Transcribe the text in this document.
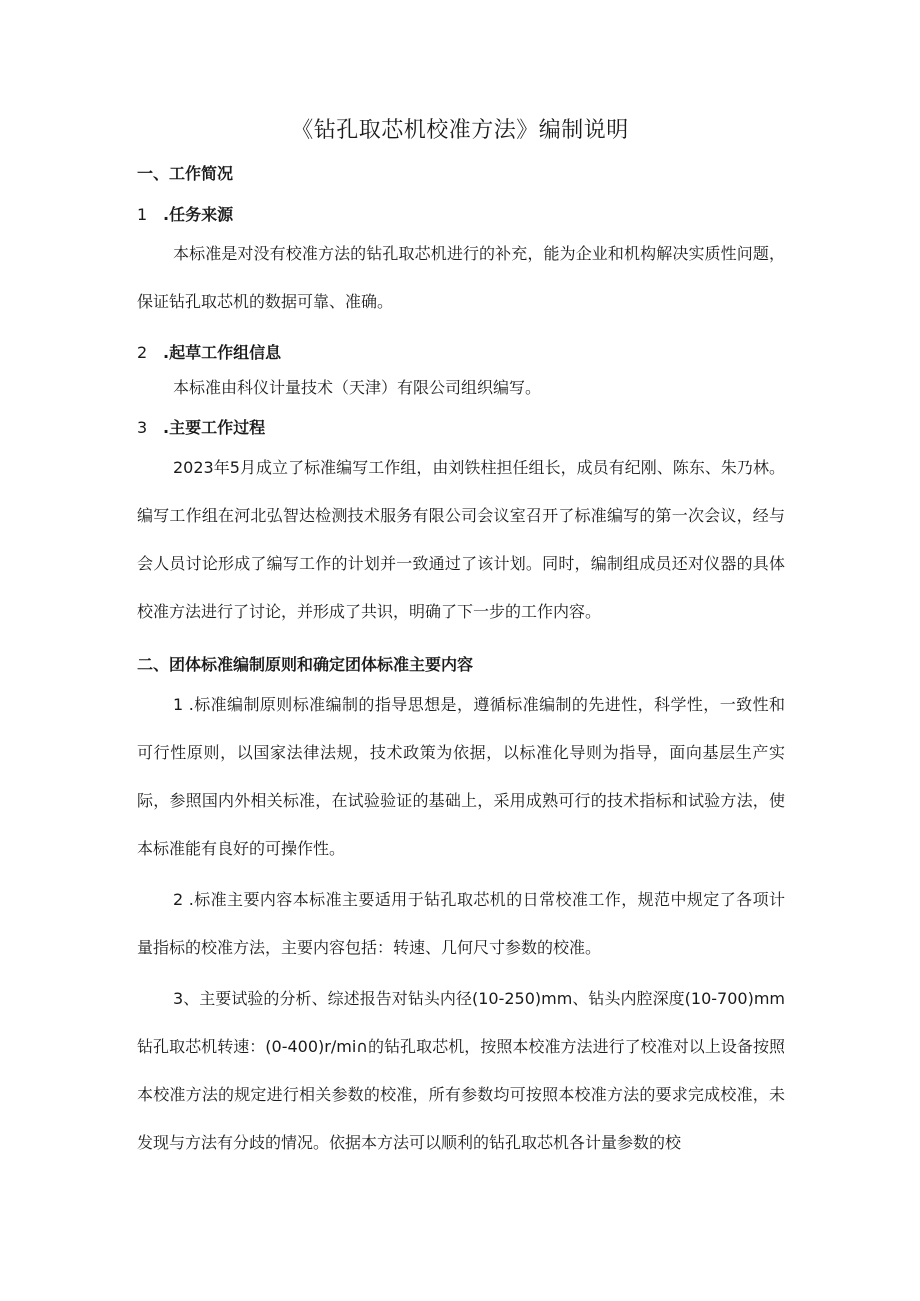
《钻孔取芯机校准方法》编制说明
一、工作简况
1 .任务来源
本标准是对没有校准方法的钻孔取芯机进行的补充，能为企业和机构解决实质性问题，保证钻孔取芯机的数据可靠、准确。
2 .起草工作组信息
本标准由科仪计量技术（天津）有限公司组织编写。
3 .主要工作过程
2023年5月成立了标准编写工作组，由刘铁柱担任组长，成员有纪刚、陈东、朱乃林。编写工作组在河北弘智达检测技术服务有限公司会议室召开了标准编写的第一次会议，经与会人员讨论形成了编写工作的计划并一致通过了该计划。同时，编制组成员还对仪器的具体校准方法进行了讨论，并形成了共识，明确了下一步的工作内容。
二、团体标准编制原则和确定团体标准主要内容
1 .标准编制原则标准编制的指导思想是，遵循标准编制的先进性，科学性，一致性和可行性原则，以国家法律法规，技术政策为依据，以标准化导则为指导，面向基层生产实际，参照国内外相关标准，在试验验证的基础上，采用成熟可行的技术指标和试验方法，使本标准能有良好的可操作性。
2 .标准主要内容本标准主要适用于钻孔取芯机的日常校准工作，规范中规定了各项计量指标的校准方法，主要内容包括：转速、几何尺寸参数的校准。
3、主要试验的分析、综述报告对钻头内径(10-250)mm、钻头内腔深度(10-700)mm钻孔取芯机转速：(0-400)r∕mi∩的钻孔取芯机，按照本校准方法进行了校准对以上设备按照本校准方法的规定进行相关参数的校准，所有参数均可按照本校准方法的要求完成校准，未发现与方法有分歧的情况。依据本方法可以顺利的钻孔取芯机各计量参数的校
